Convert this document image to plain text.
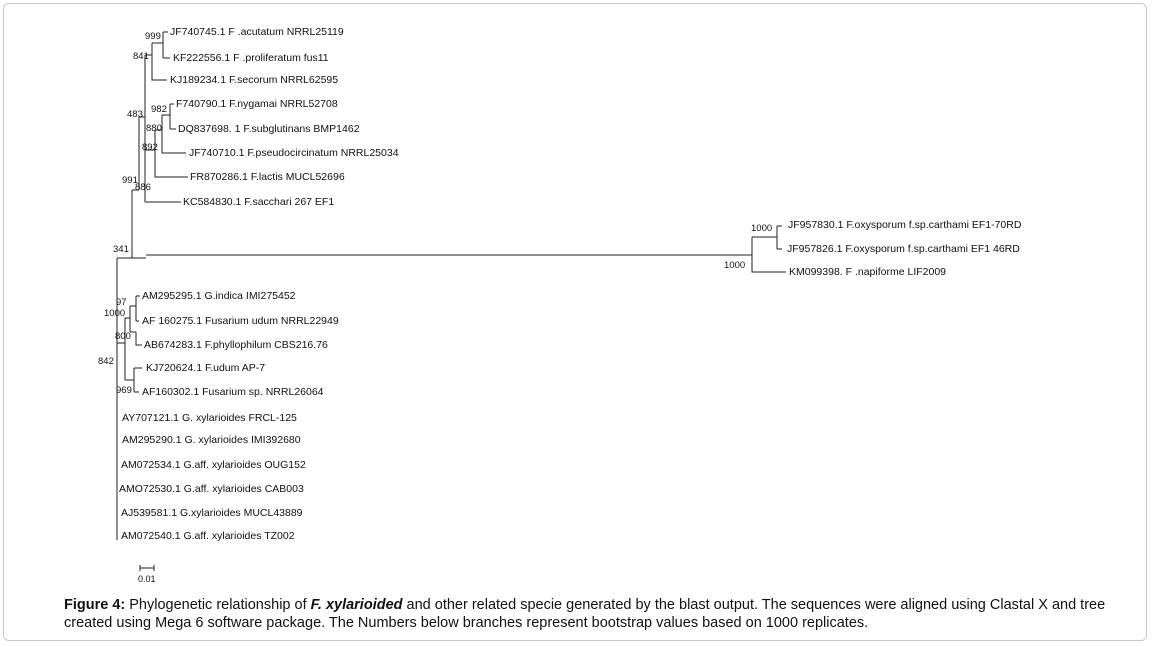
JF740745.1 F .acutatum NRRL25119
KF222556.1 F .proliferatum fus11
KJ189234.1 F.secorum NRRL62595
F740790.1 F.nygamai NRRL52708
DQ837698. 1 F.subglutinans BMP1462
JF740710.1 F.pseudocircinatum NRRL25034
FR870286.1 F.lactis MUCL52696
KC584830.1 F.sacchari 267 EF1
JF957830.1 F.oxysporum f.sp.carthami EF1-70RD
JF957826.1 F.oxysporum f.sp.carthami EF1 46RD
KM099398. F .napiforme LIF2009
AM295295.1 G.indica IMI275452
AF 160275.1 Fusarium udum NRRL22949
AB674283.1 F.phyllophilum CBS216.76
KJ720624.1 F.udum AP-7
AF160302.1 Fusarium sp. NRRL26064
AY707121.1 G. xylarioides FRCL-125
AM295290.1 G. xylarioides IMI392680
AM072534.1 G.aff. xylarioides OUG152
AMO72530.1 G.aff. xylarioides CAB003
AJ539581.1 G.xylarioides MUCL43889
AM072540.1 G.aff. xylarioides TZ002
999
841
483 982
880
892
991
886
341
1000
1000
97
1000
800
842
969
0.01
Figure 4: Phylogenetic relationship of F. xylarioided and other related specie generated by the blast output. The sequences were aligned using Clastal X and tree created using Mega 6 software package. The Numbers below branches represent bootstrap values based on 1000 replicates.
